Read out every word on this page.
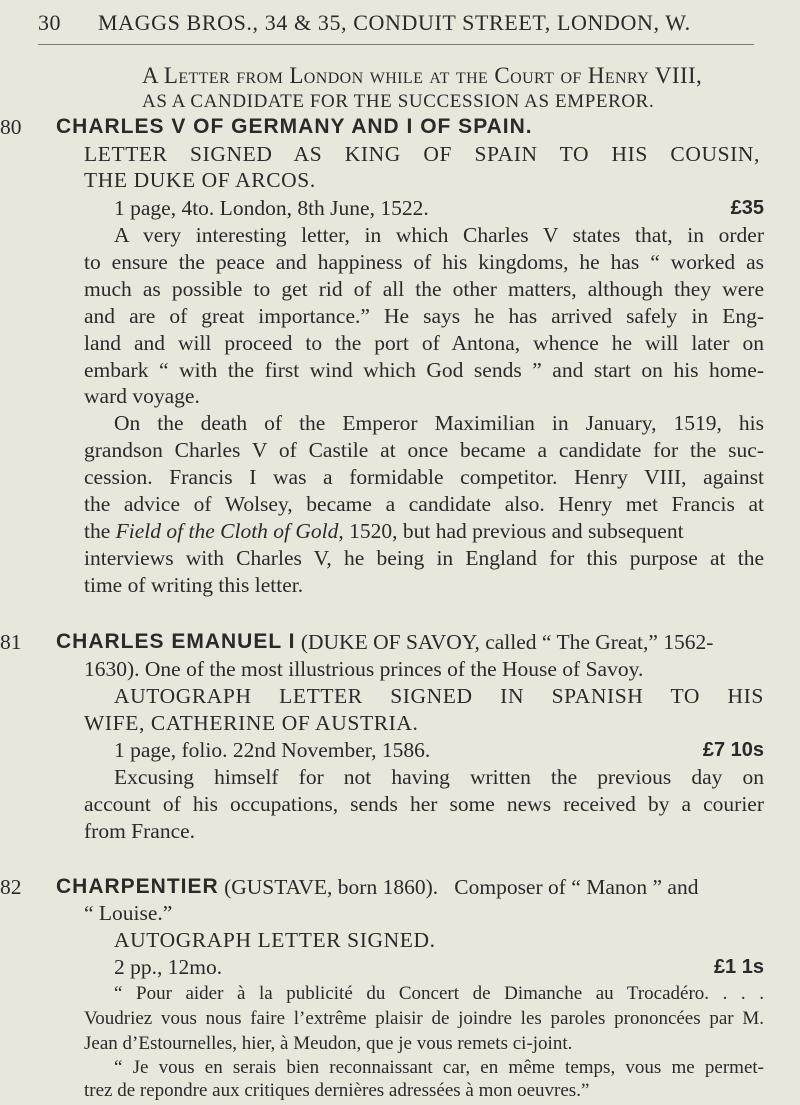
30	MAGGS BROS., 34 & 35, CONDUIT STREET, LONDON, W.
A Letter from London while at the Court of Henry VIII,
AS A CANDIDATE FOR THE SUCCESSION AS EMPEROR.
80 CHARLES V OF GERMANY AND I OF SPAIN.
LETTER SIGNED AS KING OF SPAIN TO HIS COUSIN,
THE DUKE OF ARCOS.
1 page, 4to. London, 8th June, 1522.	£35
A very interesting letter, in which Charles V states that, in order
to ensure the peace and happiness of his kingdoms, he has “ worked as
much as possible to get rid of all the other matters, although they were
and are of great importance.” He says he has arrived safely in Eng-
land and will proceed to the port of Antona, whence he will later on
embark “ with the first wind which God sends ” and start on his home-
ward voyage.
On the death of the Emperor Maximilian in January, 1519, his
grandson Charles V of Castile at once became a candidate for the suc-
cession. Francis I was a formidable competitor. Henry VIII, against
the advice of Wolsey, became a candidate also. Henry met Francis at
the Field of the Cloth of Gold , 1520, but had previous and subsequent
interviews with Charles V, he being in England for this purpose at the
time of writing this letter.
81 CHARLES EMANUEL I (DUKE OF SAVOY, called “ The Great,” 1562-
1630). One of the most illustrious princes of the House of Savoy.
AUTOGRAPH LETTER SIGNED IN SPANISH TO HIS
WIFE, CATHERINE OF AUSTRIA.
1 page, folio. 22nd November, 1586.	£7 10s
Excusing himself for not having written the previous day on
account of his occupations, sends her some news received by a courier
from France.
82 CHARPENTIER (GUSTAVE, born 1860).   Composer of “ Manon ” and
“ Louise.”
AUTOGRAPH LETTER SIGNED.
2 pp., 12mo.	£1 1s
“ Pour aider à la publicité du Concert de Dimanche au Trocadéro. . . .
Voudriez vous nous faire l’extrême plaisir de joindre les paroles prononcées par M.
Jean d’Estournelles, hier, à Meudon, que je vous remets ci-joint.
“ Je vous en serais bien reconnaissant car, en même temps, vous me permet-
trez de repondre aux critiques dernières adressées à mon oeuvres.”
